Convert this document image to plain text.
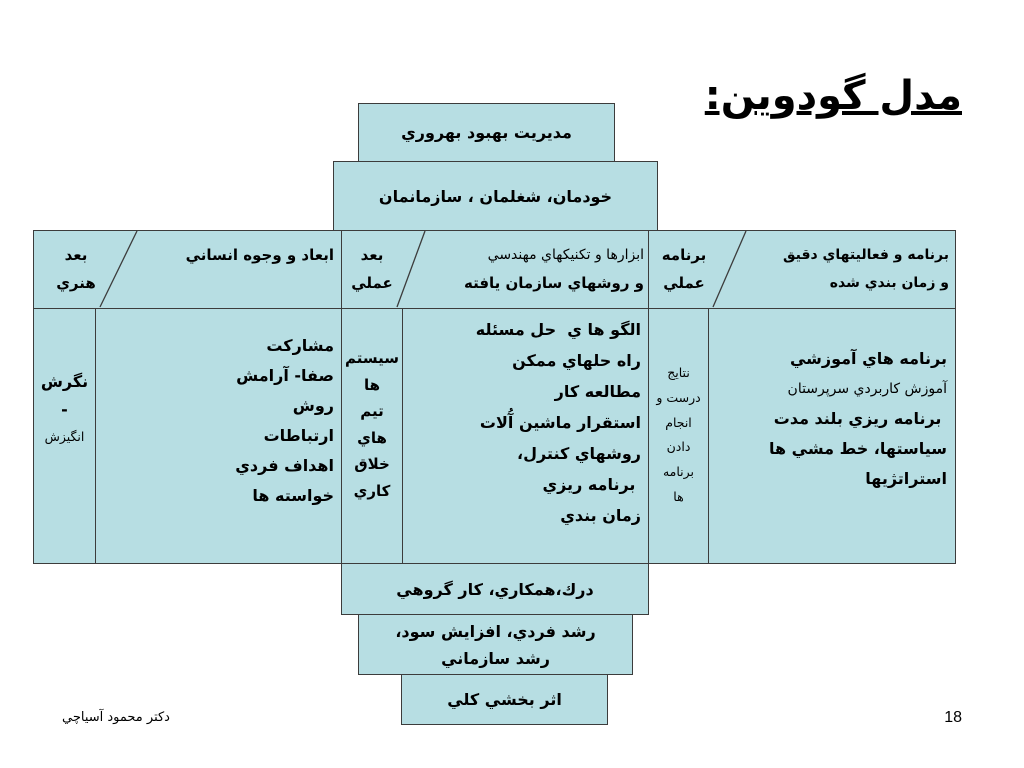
مدل گودوين:
مديريت بهبود بهروري
خودمان، شغلمان ، سازمانمان
بعد
هنري
ابعاد و وجوه انساني	بعد
عملي
ابزارها و تكنيكهاي مهندسي
و روشهاي سازمان يافته
برنامه
عملي
برنامه و فعاليتهاي دقيق
و زمان بندي شده
نگرش
-
انگيزش
مشاركت
صفا- آرامش
روش
ارتباطات
اهداف فردي
خواسته ها
سيستم
ها
تيم
هاي
خلاق
كاري
الگو ها ي  حل مسئله
راه حلهاي ممكن
مطالعه كار
استقرار ماشين آُلات
روشهاي كنترل،
برنامه ريزي
زمان بندي
نتايج
درست و
انجام
دادن
برنامه
ها
برنامه هاي آموزشي
آموزش كاربردي سرپرستان
برنامه ريزي بلند مدت
سياستها، خط مشي ها
استراتژيها
درك،همكاري، كار گروهي
رشد فردي، افزايش سود،
رشد سازماني
اثر بخشي كلي
دكتر محمود آسياچي	18
